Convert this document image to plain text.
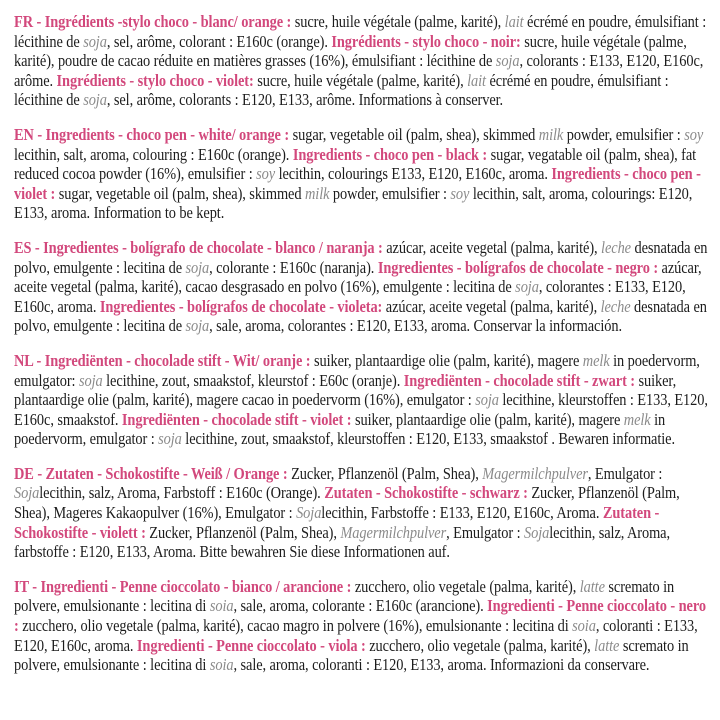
FR - Ingrédients -stylo choco - blanc/ orange : sucre, huile végétale (palme, karité), lait écrémé en poudre, émulsifiant : lécithine de soja, sel, arôme, colorant : E160c (orange). Ingrédients - stylo choco - noir: sucre, huile végétale (palme, karité), poudre de cacao réduite en matières grasses (16%), émulsifiant : lécithine de soja, colorants : E133, E120, E160c, arôme. Ingrédients - stylo choco - violet: sucre, huile végétale (palme, karité), lait écrémé en poudre, émulsifiant : lécithine de soja, sel, arôme, colorants : E120, E133, arôme. Informations à conserver.

EN - Ingredients - choco pen - white/ orange : sugar, vegetable oil (palm, shea), skimmed milk powder, emulsifier : soy lecithin, salt, aroma, colouring : E160c (orange). Ingredients - choco pen - black : sugar, vegatable oil (palm, shea), fat reduced cocoa powder (16%), emulsifier : soy lecithin, colourings E133, E120, E160c, aroma. Ingredients - choco pen - violet : sugar, vegetable oil (palm, shea), skimmed milk powder, emulsifier : soy lecithin, salt, aroma, colourings: E120, E133, aroma. Information to be kept.

ES - Ingredientes - bolígrafo de chocolate - blanco / naranja : azúcar, aceite vegetal (palma, karité), leche desnatada en polvo, emulgente : lecitina de soja, colorante : E160c (naranja). Ingredientes - bolígrafos de chocolate - negro : azúcar, aceite vegetal (palma, karité), cacao desgrasado en polvo (16%), emulgente : lecitina de soja, colorantes : E133, E120, E160c, aroma. Ingredientes - bolígrafos de chocolate - violeta: azúcar, aceite vegetal (palma, karité), leche desnatada en polvo, emulgente : lecitina de soja, sale, aroma, colorantes : E120, E133, aroma. Conservar la información.

NL - Ingrediënten - chocolade stift - Wit/ oranje : suiker, plantaardige olie (palm, karité), magere melk in poedervorm, emulgator: soja lecithine, zout, smaakstof, kleurstof : E60c (oranje). Ingrediënten - chocolade stift - zwart : suiker, plantaardige olie (palm, karité), magere cacao in poedervorm (16%), emulgator : soja lecithine, kleurstoffen : E133, E120, E160c, smaakstof. Ingrediënten - chocolade stift - violet : suiker, plantaardige olie (palm, karité), magere melk in poedervorm, emulgator : soja lecithine, zout, smaakstof, kleurstoffen : E120, E133, smaakstof . Bewaren informatie.

DE - Zutaten - Schokostifte - Weiß / Orange : Zucker, Pflanzenöl (Palm, Shea), Magermilchpulver, Emulgator : Sojalecithin, salz, Aroma, Farbstoff : E160c (Orange). Zutaten - Schokostifte - schwarz : Zucker, Pflanzenöl (Palm, Shea), Mageres Kakaopulver (16%), Emulgator : Sojalecithin, Farbstoffe : E133, E120, E160c, Aroma. Zutaten - Schokostifte - violett : Zucker, Pflanzenöl (Palm, Shea), Magermilchpulver, Emulgator : Sojalecithin, salz, Aroma, farbstoffe : E120, E133, Aroma. Bitte bewahren Sie diese Informationen auf.

IT - Ingredienti - Penne cioccolato - bianco / arancione : zucchero, olio vegetale (palma, karité), latte scremato in polvere, emulsionante : lecitina di soia, sale, aroma, colorante : E160c (arancione). Ingredienti - Penne cioccolato - nero : zucchero, olio vegetale (palma, karité), cacao magro in polvere (16%), emulsionante : lecitina di soia, coloranti : E133, E120, E160c, aroma. Ingredienti - Penne cioccolato - viola : zucchero, olio vegetale (palma, karité), latte scremato in polvere, emulsionante : lecitina di soia, sale, aroma, coloranti : E120, E133, aroma. Informazioni da conservare.
